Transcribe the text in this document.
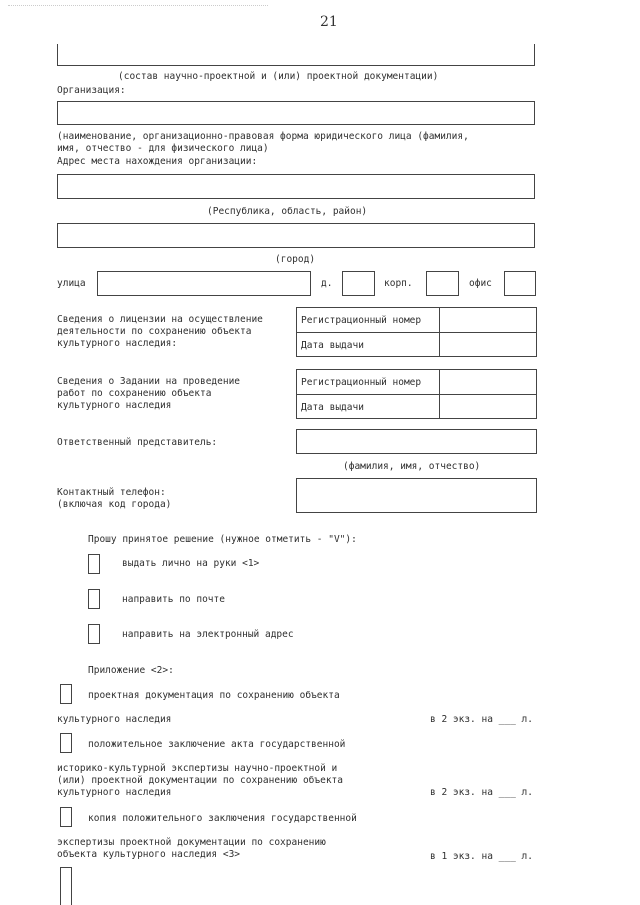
21
(состав научно-проектной и (или) проектной документации)
Организация:
(наименование, организационно-правовая форма юридического лица (фамилия,
имя, отчество - для физического лица)
Адрес места нахождения организации:
(Республика, область, район)
(город)
улица	д.	корп.	офис
Сведения о лицензии на осуществление
деятельности по сохранению объекта
культурного наследия:
Регистрационный номер
Дата выдачи
Сведения о Задании на проведение
работ по сохранению объекта
культурного наследия
Регистрационный номер
Дата выдачи
Ответственный представитель:
(фамилия, имя, отчество)
Контактный телефон:
(включая код города)
Прошу принятое решение (нужное отметить - "V"):
выдать лично на руки <1>
направить по почте
направить на электронный адрес
Приложение <2>:
проектная документация по сохранению объекта
культурного наследия	в 2 экз. на ___ л.
положительное заключение акта государственной
историко-культурной экспертизы научно-проектной и
(или) проектной документации по сохранению объекта
культурного наследия	в 2 экз. на ___ л.
копия положительного заключения государственной
экспертизы проектной документации по сохранению
объекта культурного наследия <3>	в 1 экз. на ___ л.
